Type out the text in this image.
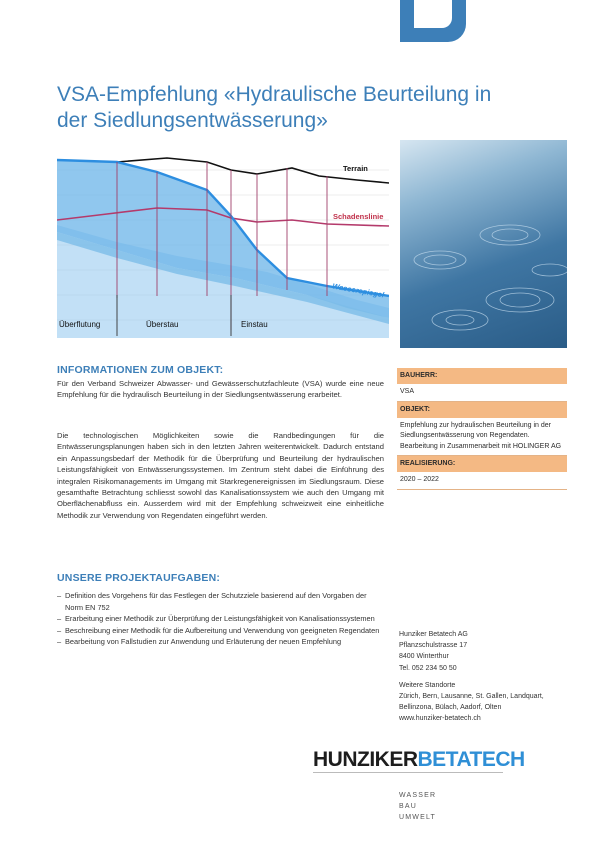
VSA-Empfehlung «Hydraulische Beurteilung in
der Siedlungsentwässerung»
Terrain
Schadenslinie
Wasserspiegel
Überflutung	Überstau	Einstau
INFORMATIONEN ZUM OBJEKT:
Für den Verband Schweizer Abwasser- und Gewässerschutzfachleute (VSA) wurde eine neue Empfehlung für die hydraulisch Beurteilung in der Siedlungsentwässerung erarbeitet.
Die technologischen Möglichkeiten sowie die Randbedingungen für die Entwässerungsplanungen haben sich in den letzten Jahren weiterentwickelt. Dadurch entstand ein Anpassungsbedarf der Methodik für die Überprüfung und Beurteilung der hydraulischen Leistungsfähigkeit von Entwässerungssystemen. Im Zentrum steht dabei die Einführung des integralen Risikomanagements im Umgang mit Starkregenereignissen im Siedlungsraum. Diese gesamthafte Betrachtung schliesst sowohl das Kanalisationssystem wie auch den Umgang mit Oberflächenabfluss ein. Ausserdem wird mit der Empfehlung schweizweit eine einheitliche Methodik zur Verwendung von Regendaten eingeführt werden.
UNSERE PROJEKTAUFGABEN:
– Definition des Vorgehens für das Festlegen der Schutzziele basierend auf den Vorgaben der Norm EN 752
– Erarbeitung einer Methodik zur Überprüfung der Leistungsfähigkeit von Kanalisationssystemen
– Beschreibung einer Methodik für die Aufbereitung und Verwendung von geeigneten Regendaten
– Bearbeitung von Fallstudien zur Anwendung und Erläuterung der neuen Empfehlung
BAUHERR:
VSA
OBJEKT:
Empfehlung zur hydraulischen Beurteilung in der Siedlungsentwässerung von Regendaten. Bearbeitung in Zusammenarbeit mit HOLINGER AG
REALISIERUNG:
2020 – 2022
Hunziker Betatech AG
Pflanzschulstrasse 17
8400 Winterthur
Tel. 052 234 50 50
Weitere Standorte
Zürich, Bern, Lausanne, St. Gallen, Landquart, Bellinzona, Bülach, Aadorf, Olten
www.hunziker-betatech.ch
HUNZIKERBETATECH
WASSER
BAU
UMWELT
